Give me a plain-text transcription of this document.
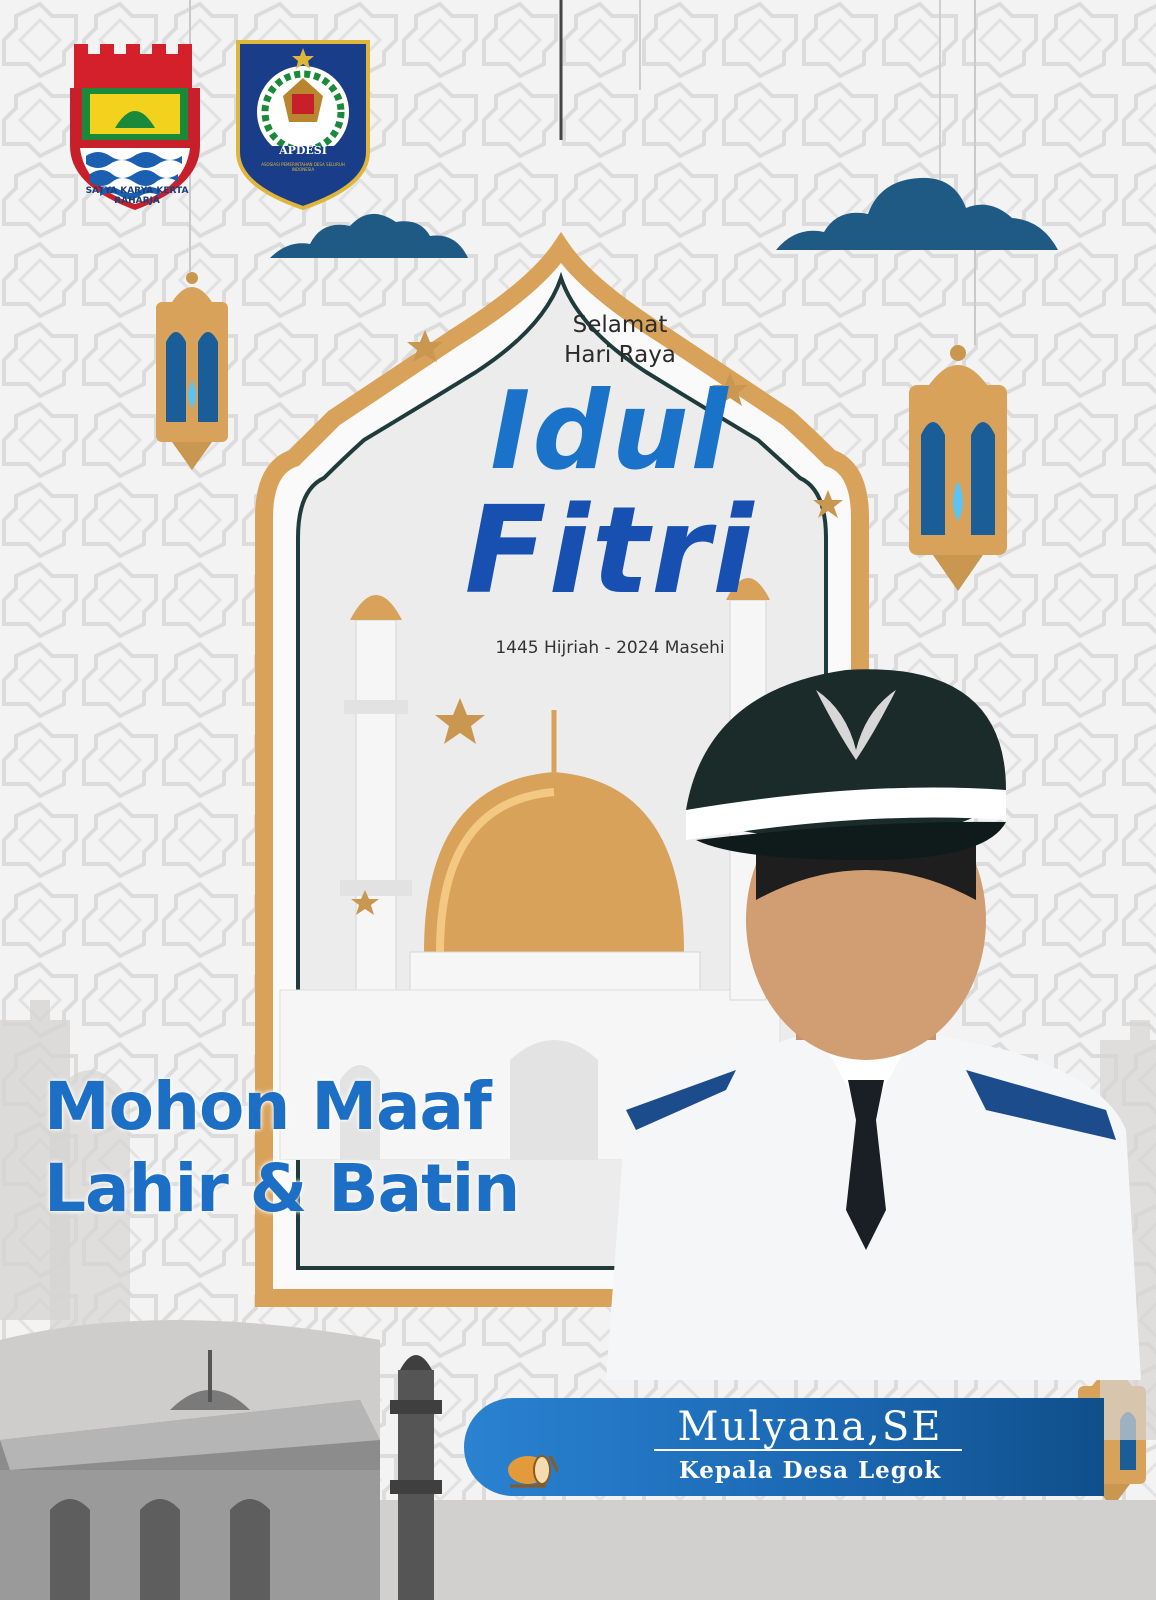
SATYA KARYA KERTA RAHARJA
APDESI
ASOSIASI PEMERINTAHAN DESA SELURUH INDONESIA
Selamat
Hari Raya
Idul
Fitri
1445 Hijriah - 2024 Masehi
Mohon Maaf
Lahir & Batin
Mulyana,SE
Kepala Desa Legok
